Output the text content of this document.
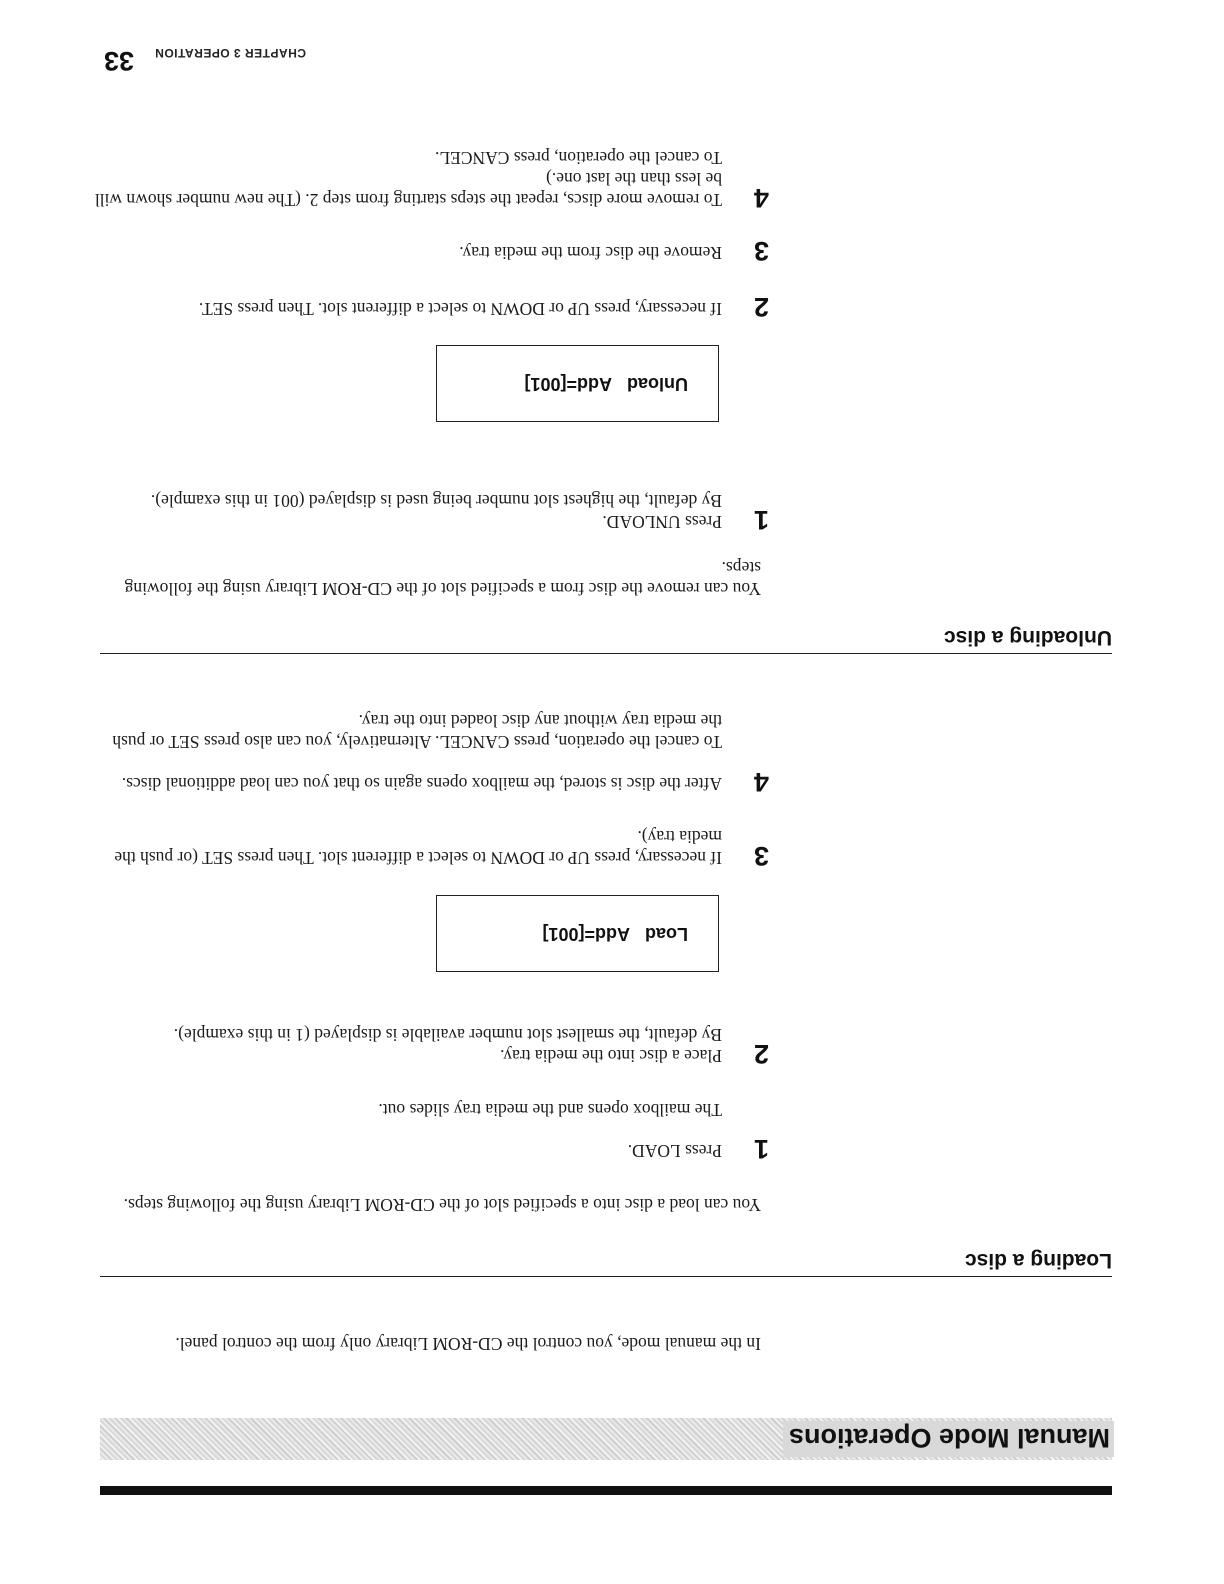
Manual Mode Operations
In the manual mode, you control the CD-ROM Library only from the control panel.
Loading a disc
You can load a disc into a specified slot of the CD-ROM Library using the following steps.
1
Press LOAD.
The mailbox opens and the media tray slides out.
2
Place a disc into the media tray.
By default, the smallest slot number available is displayed (1 in this example).
Load

Add=[001]
3
If necessary, press UP or DOWN to select a different slot. Then press SET (or push the media tray).
4
After the disc is stored, the mailbox opens again so that you can load additional discs.
To cancel the operation, press CANCEL. Alternatively, you can also press SET or push the media tray without any disc loaded into the tray.
Unloading a disc
You can remove the disc from a specified slot of the CD-ROM Library using the following steps.
1
Press UNLOAD.
By default, the highest slot number being used is displayed (001 in this example).
Unload

Add=[001]
2
If necessary, press UP or DOWN to select a different slot. Then press SET.
3
Remove the disc from the media tray.
4
To remove more discs, repeat the steps starting from step 2. (The new number shown will be less than the last one.)
To cancel the operation, press CANCEL.
CHAPTER 3 OPERATION
33
